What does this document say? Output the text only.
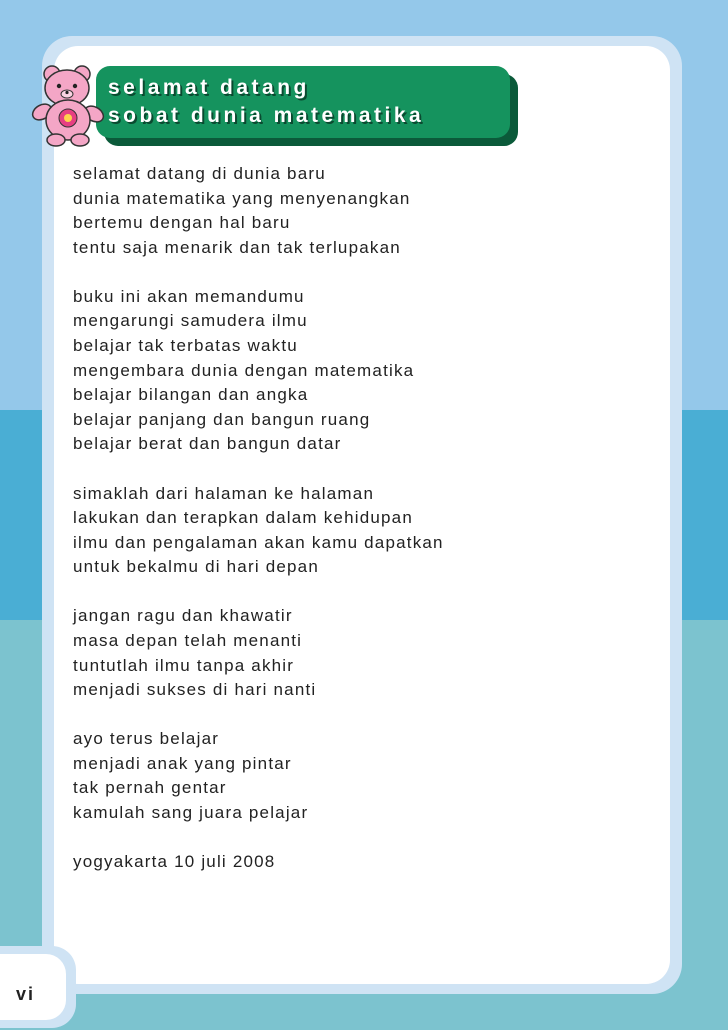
selamat datang

sobat dunia matematika

selamat datang di dunia baru
dunia matematika yang menyenangkan
bertemu dengan hal baru
tentu saja menarik dan tak terlupakan
buku ini akan memandumu
mengarungi samudera ilmu
belajar tak terbatas waktu
mengembara dunia dengan matematika
belajar bilangan dan angka
belajar panjang dan bangun ruang
belajar berat dan bangun datar
simaklah dari halaman ke halaman
lakukan dan terapkan dalam kehidupan
ilmu dan pengalaman akan kamu dapatkan
untuk bekalmu di hari depan
jangan ragu dan khawatir
masa depan telah menanti
tuntutlah ilmu tanpa akhir
menjadi sukses di hari nanti
ayo terus belajar
menjadi anak yang pintar
tak pernah gentar
kamulah sang juara pelajar
yogyakarta 10 juli 2008
vi
